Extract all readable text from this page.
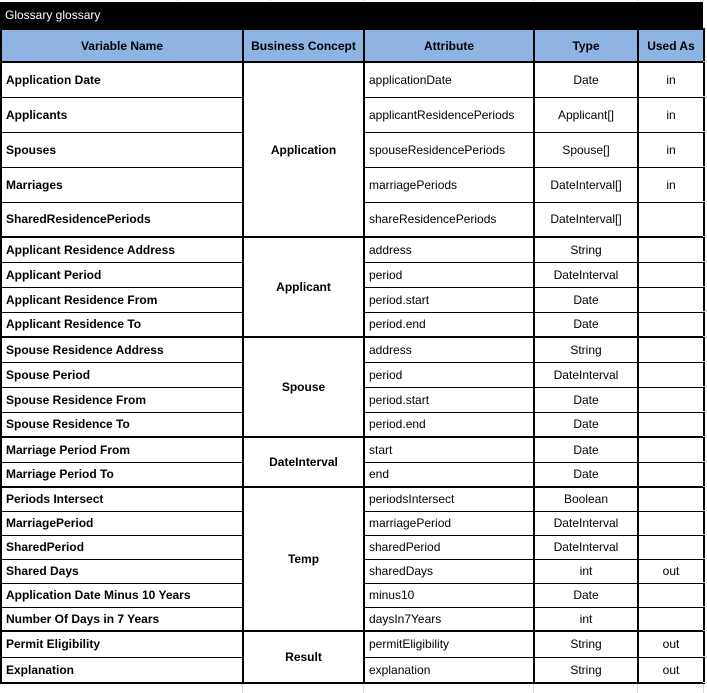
Glossary glossary
Variable Name	Business Concept	Attribute	Type	Used As
Application Date	Application	applicationDate	Date	in
Applicants		applicantResidencePeriods	Applicant[]	in
Spouses		spouseResidencePeriods	Spouse[]	in
Marriages		marriagePeriods	DateInterval[]	in
SharedResidencePeriods		shareResidencePeriods	DateInterval[]	
Applicant Residence Address	Applicant	address	String	
Applicant Period		period	DateInterval	
Applicant Residence From		period.start	Date	
Applicant Residence To		period.end	Date	
Spouse Residence Address	Spouse	address	String	
Spouse Period		period	DateInterval	
Spouse Residence From		period.start	Date	
Spouse Residence To		period.end	Date	
Marriage Period From	DateInterval	start	Date	
Marriage Period To		end	Date	
Periods Intersect	Temp	periodsIntersect	Boolean	
MarriagePeriod		marriagePeriod	DateInterval	
SharedPeriod		sharedPeriod	DateInterval	
Shared Days		sharedDays	int	out
Application Date Minus 10 Years		minus10	Date	
Number Of Days in 7 Years		daysIn7Years	int	
Permit Eligibility	Result	permitEligibility	String	out
Explanation		explanation	String	out
